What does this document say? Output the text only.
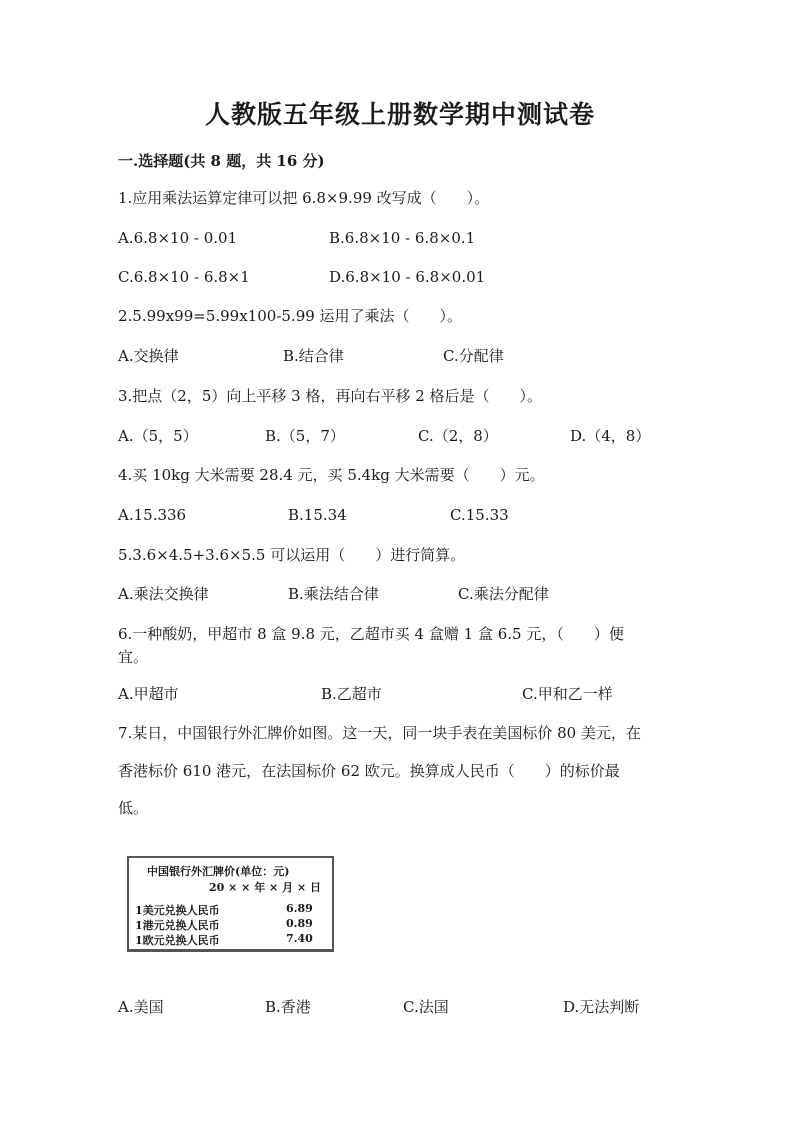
人教版五年级上册数学期中测试卷
一.选择题(共 8 题，共 16 分)
1.应用乘法运算定律可以把 6.8×9.99 改写成（　　）。
A.6.8×10 - 0.01	B.6.8×10 - 6.8×0.1
C.6.8×10 - 6.8×1	D.6.8×10 - 6.8×0.01
2.5.99x99=5.99x100-5.99 运用了乘法（　　）。
A.交换律	B.结合律	C.分配律
3.把点（2，5）向上平移 3 格，再向右平移 2 格后是（　　）。
A.（5，5）	B.（5，7）	C.（2，8）	D.（4，8）
4.买 10kg 大米需要 28.4 元，买 5.4kg 大米需要（　　）元。
A.15.336	B.15.34	C.15.33
5.3.6×4.5+3.6×5.5 可以运用（　　）进行简算。
A.乘法交换律	B.乘法结合律	C.乘法分配律
6.一种酸奶，甲超市 8 盒 9.8 元，乙超市买 4 盒赠 1 盒 6.5 元，（　　）便
宜。
A.甲超市	B.乙超市	C.甲和乙一样
7.某日，中国银行外汇牌价如图。这一天，同一块手表在美国标价 80 美元，在
香港标价 610 港元，在法国标价 62 欧元。换算成人民币（　　）的标价最
低。
中国银行外汇牌价(单位：元)
20 × × 年 × 月 × 日
1美元兑换人民币	6.89
1港元兑换人民币	0.89
1欧元兑换人民币	7.40
A.美国	B.香港	C.法国	D.无法判断
